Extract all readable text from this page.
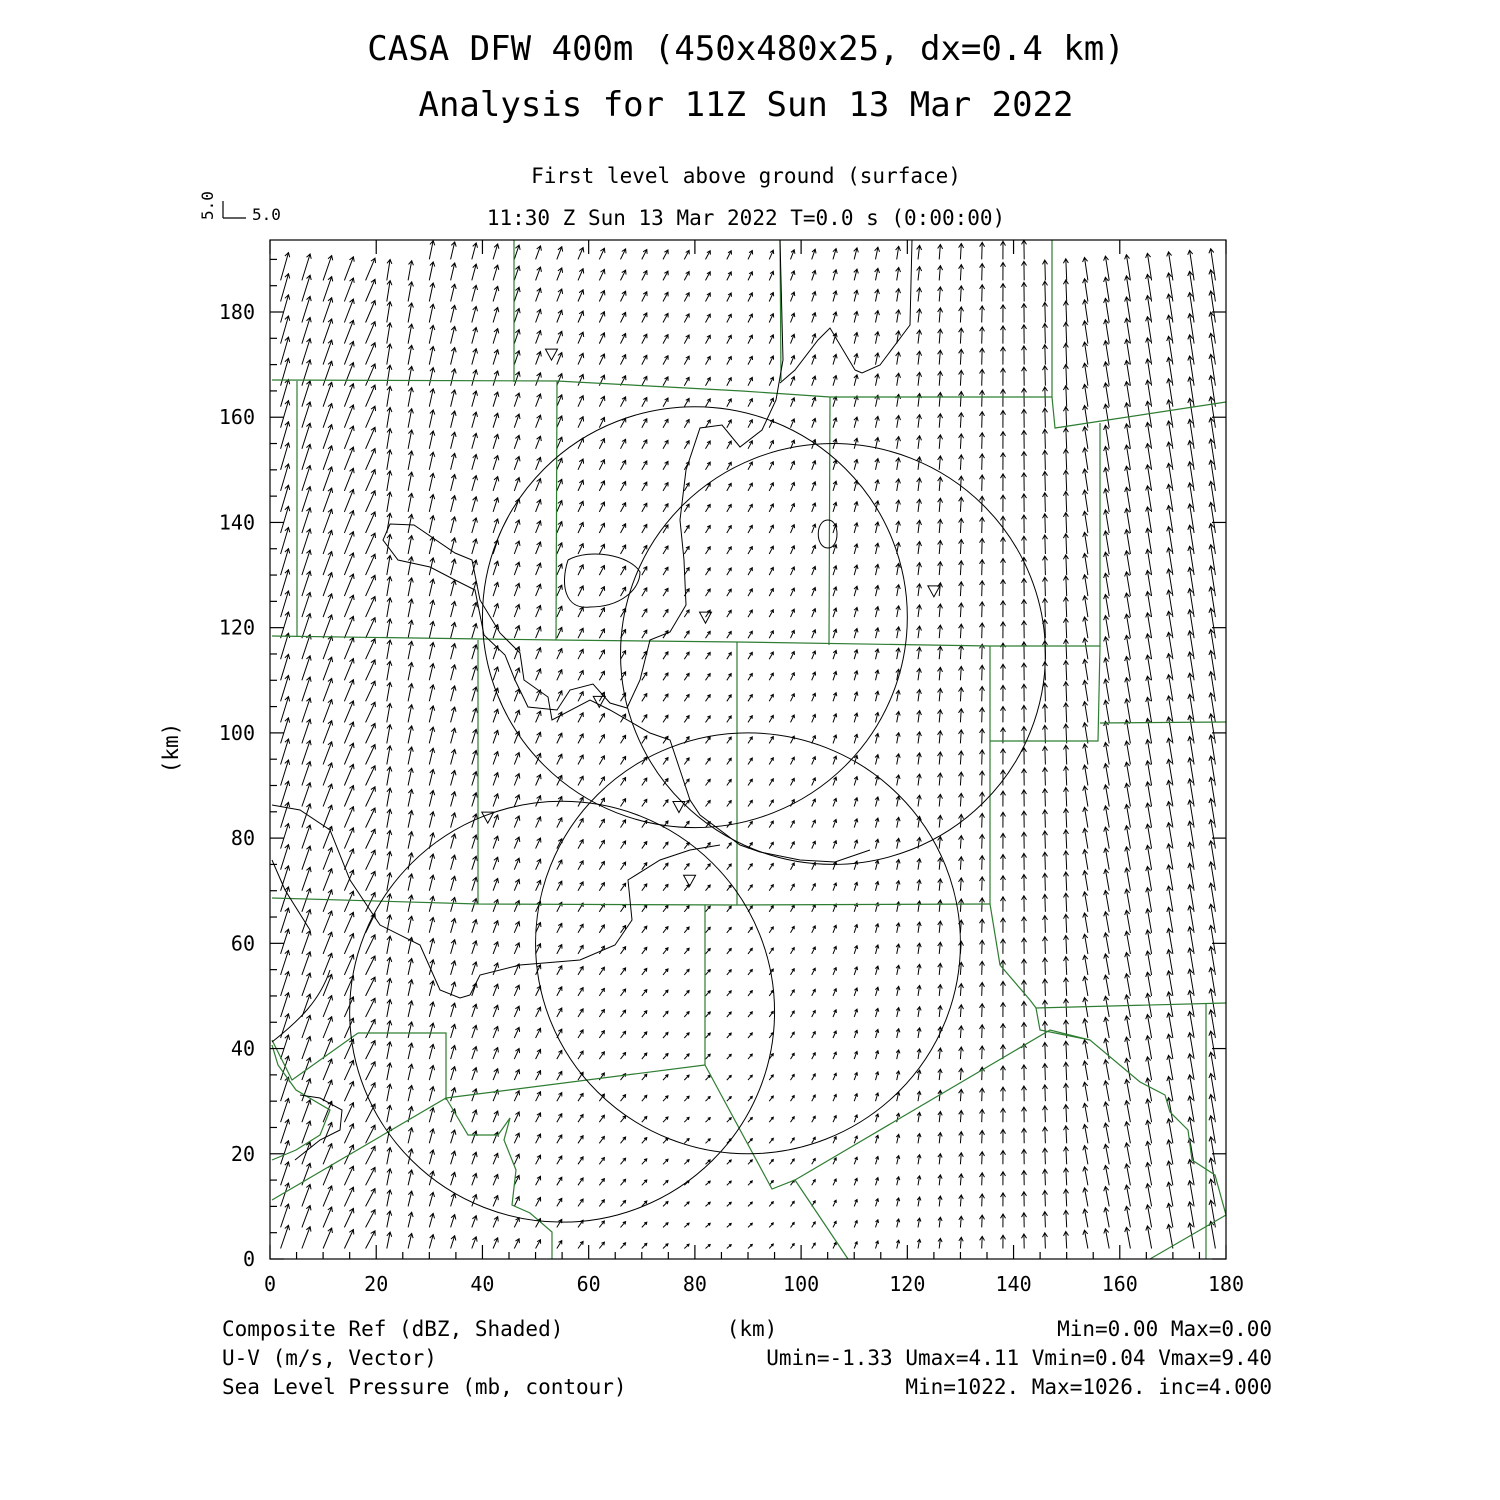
CASA DFW 400m (450x480x25, dx=0.4 km)
Analysis for 11Z Sun 13 Mar 2022
First level above ground (surface)
11:30 Z Sun 13 Mar 2022 T=0.0 s (0:00:00)
5.0 5.0
0	20	40	60	80	100	120	140	160	180
0
20
40
60
80
100
120
140
160
180
(km)
(km)
Composite Ref (dBZ, Shaded)	Min=0.00 Max=0.00
U-V (m/s, Vector)	Umin=-1.33 Umax=4.11 Vmin=0.04 Vmax=9.40
Sea Level Pressure (mb, contour)	Min=1022. Max=1026. inc=4.000
